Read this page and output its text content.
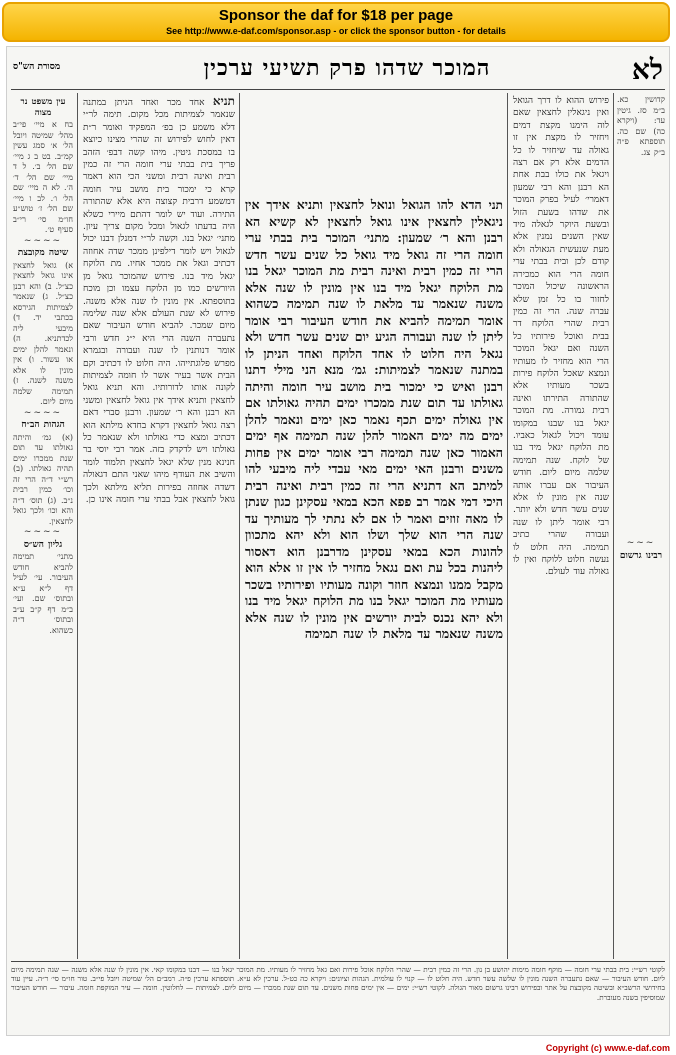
Sponsor the daf for $18 per page
See http://www.e-daf.com/sponsor.asp - or click the sponsor button - for details
לא
המוכר שדהו פרק תשיעי ערכין
מסורת הש"ס
עין משפט נר מצוה
בח א מיי׳ פי״ב מהל׳ שמיטה ויובל הל׳ א׳ סמג עשין קמ״ב. בט ב ג מיי׳ שם הל׳ ב׳. ל ד מיי׳ שם הל׳ ד׳ ה׳. לא ה מיי׳ שם הל׳ ו׳. לב ו מיי׳ שם הל׳ ז׳ טוש״ע חו״מ סי׳ רי״ב סעיף ט׳.
~~~~
שיטה מקובצת
א) גואל לחצאין אינו גואל לחצאין כצ״ל. ב) והא רבנן כצ״ל. ג) שנאמר לצמיתות הגירסא בכתבי יד. ד) מיבעי ליה לכדתניא. ה) ונאמר להלן ימים או עשור. ו) אין מונין לו אלא משנה לשנה. ז) תמימה שלמה מיום ליום.
~~~~
הגהות הב״ח
(א) גמ׳ והיתה גאולתו עד תום שנת ממכרו ימים תהיה גאולתו. (ב) רש״י ד״ה הרי זה וכו׳ כמין רבית נ״ב. (ג) תוס׳ ד״ה והא וכו׳ ולכך גואל לחצאין.
~~~~
גליון הש״ס
מתני׳ תמימה להביא חודש העיבור. עי׳ לעיל דף ל״א ע״א ובתוס׳ שם. ועי׳ ב״מ דף ק״ב ע״ב ובתוס׳ ד״ה כשהוא.
תניא אחד מכר ואחד הניתן במתנה שנאמר לצמיתות מכל מקום. תימה לר״י דלא משמע כן בפ׳ המפקיד ואומר ר״ת דאין לחוש לפירוש זה שהרי מצינו כיוצא בו במסכת גיטין. מיהו קשה דבפ׳ הזהב פריך בית בבתי ערי חומה הרי זה כמין רבית ואינה רבית ומשני הכי הוא דאמר קרא כי ימכור בית מושב עיר חומה דמשמע דרבית קצוצה היא אלא שהתורה התירה. ועוד יש לומר דהתם מיירי כשלא היה בדעתו לגאול ומכל מקום צריך עיון. מתני׳ יגאל בנו. וקשה לר״י דמנלן דבנו יכול לגאול ויש לומר דילפינן ממכר שדה אחוזה דכתיב וגאל את ממכר אחיו. מת הלוקח יגאל מיד בנו. פירוש שהמוכר גואל מן היורשים כמו מן הלוקח עצמו וכן מוכח בתוספתא. אין מונין לו שנה אלא משנה. פירוש לא שנת העולם אלא שנה שלימה מיום שמכר. להביא חודש העיבור שאם נתעברה השנה הרי היא י״ג חדש ורבי אומר דנותנין לו שנה ועבורה ובגמרא מפרש פלוגתייהו. היה חלוט לו דכתיב וקם הבית אשר בעיר אשר לו חומה לצמיתות לקונה אותו לדורותיו. והא תניא גואל לחצאין ותניא אידך אין גואל לחצאין ומשני הא רבנן והא ר׳ שמעון. ורבנן סברי דאם רצה גואל לחצאין דקרא בחדא מילתא הוא דכתיב ומצא כדי גאולתו ולא שנאמר כל גאולתו ויש לדקדק בזה. אמר רבי יוסי בר חנינא מנין שלא יגאל לחצאין תלמוד לומר והשיב את העודף מיהו שאני התם דגאולה דשדה אחוזה בפירות תליא מילתא ולכך גואל לחצאין אבל בבתי ערי חומה אינו כן.
תני הדא להו הגואל ונואל לחצאין ותניא אידך אין ניגאלין לחצאין אינו גואל לחצאין לא קשיא הא רבנן והא ר׳ שמעון: מתני׳ המוכר בית בבתי ערי חומה הרי זה גואל מיד גואל כל שנים עשר חדש הרי זה כמין רבית ואינה רבית מת המוכר יגאל בנו מת הלוקח יגאל מיד בנו אין מונין לו שנה אלא משנה שנאמר עד מלאת לו שנה תמימה כשהוא אומר תמימה להביא את חודש העיבור רבי אומר ליתן לו שנה ועבורה הגיע יום שנים עשר חדש ולא נגאל היה חלוט לו אחד הלוקח ואחד הניתן לו במתנה שנאמר לצמיתות: גמ׳ מנא הני מילי דתנו רבנן ואיש כי ימכור בית מושב עיר חומה והיתה גאולתו עד תום שנת ממכרו ימים תהיה גאולתו אם אין גאולה ימים תכף נאמר כאן ימים ונאמר להלן ימים מה ימים האמור להלן שנה תמימה אף ימים האמור כאן שנה תמימה רבי אומר ימים אין פחות משנים ורבנן האי ימים מאי עבדי ליה מיבעי להו למיתב הא דתניא הרי זה כמין רבית ואינה רבית היכי דמי אמר רב פפא הכא במאי עסקינן כגון שנתן לו מאה זוזים ואמר לו אם לא נתתי לך מעותיך עד שנה הרי הוא שלך ושלו הוא ולא יהא מתכוון להונות הכא במאי עסקינן מדרבנן הוא דאסור ליהנות בכל עת ואם נגאל מחזיר לו אין זו אלא הוא מקבל ממנו ונמצא חוזר וקונה מעותיו ופירותיו בשכר מעותיו מת המוכר יגאל בנו מת הלוקח יגאל מיד בנו ולא יהא נכנס לבית יורשים אין מונין לו שנה אלא משנה שנאמר עד מלאת לו שנה תמימה
פירוש ההוא לו דרך הגואל ואין ניגאלין לחצאין שאם לוה הימנו מקצת דמים ויחזיר לו מקצת אין זו גאולה עד שיחזיר לו כל הדמים אלא רק אם רצה ויגאל את כולו בבת אחת הא רבנן והא רבי שמעון דאמרי׳ לעיל בפרק המוכר את שדהו בשעת הזול ובשעת היוקר לגאלה מיד שאין השנים נמנין אלא מעת שנעשית הגאולה ולא קודם לכן ובית בבתי ערי חומה הרי הוא כמכירה הראשונה שיכול המוכר לחזור בו כל זמן שלא עברה שנה. הרי זה כמין רבית שהרי הלוקח דר בבית ואוכל פירותיו כל השנה ואם יגאל המוכר הרי הוא מחזיר לו מעותיו ונמצא שאכל הלוקח פירות בשכר מעותיו אלא שהתורה התירתו ואינה רבית גמורה. מת המוכר יגאל בנו שבנו במקומו עומד ויכול לגאול כאביו. מת הלוקח יגאל מיד בנו של לוקח. שנה תמימה שלמה מיום ליום. חודש העיבור אם עברו אותה שנה אין מונין לו אלא שנים עשר חדש ולא יותר. רבי אומר ליתן לו שנה ועבורה שהרי כתיב תמימה. היה חלוט לו נעשה חלוט ללוקח ואין לו גאולה עוד לעולם.
קדושין כא. ב״מ סז. גיטין עד: (ויקרא כה) שם כה. תוספתא פ״ה ב״ק צג.
~~~
רבינו גרשום
לקוטי רש״י: בית בבתי ערי חומה — מוקף חומה מימות יהושע בן נון. הרי זה כמין רבית — שהרי הלוקח אוכל פירות ואם גאל מחזיר לו מעותיו. מת המוכר יגאל בנו — דבנו במקומו קאי. אין מונין לו שנה אלא משנה — שנה תמימה מיום ליום. חודש העיבור — שאם נתעברה השנה מונין לו שלשה עשר חדש. היה חלוט לו — קנוי לו עולמית. הגהות וציונים: ויקרא כה כט-ל. ערכין לא ע״א. תוספתא ערכין פ״ה. רמב״ם הל׳ שמיטה ויובל פי״ב. טור חו״מ סי׳ ר״ה. עיין עוד בחידושי הרשב״א ובשיטה מקובצת על אתר ובפירוש רבינו גרשום מאור הגולה. לקוטי רש״י: ימים — אין ימים פחות משנים. עד תום שנת ממכרו — מיום ליום. לצמיתות — לחלוטין. חומה — עיר המוקפת חומה. עיבור — חודש העיבור שמוסיפין בשנה מעוברת.
Copyright (c) www.e-daf.com
